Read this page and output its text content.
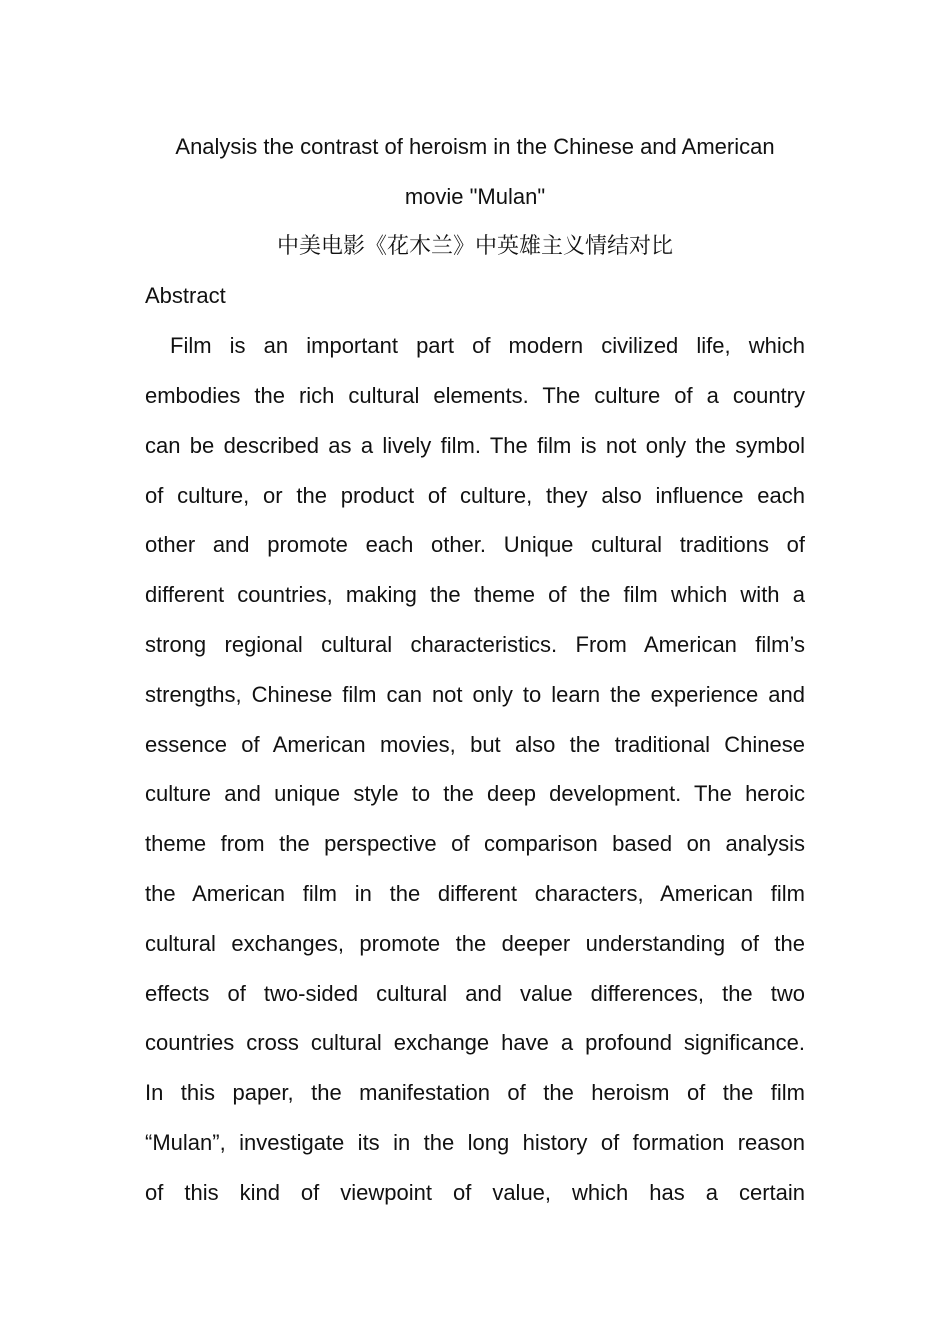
Analysis the contrast of heroism in the Chinese and American
movie "Mulan"
中美电影《花木兰》中英雄主义情结对比

Abstract

Film is an important part of modern civilized life, which
embodies the rich cultural elements. The culture of a country
can be described as a lively film. The film is not only the symbol
of culture, or the product of culture, they also influence each
other and promote each other. Unique cultural traditions of
different countries, making the theme of the film which with a
strong regional cultural characteristics. From American film’s
strengths, Chinese film can not only to learn the experience and
essence of American movies, but also the traditional Chinese
culture and unique style to the deep development. The heroic
theme from the perspective of comparison based on analysis
the American film in the different characters, American film
cultural exchanges, promote the deeper understanding of the
effects of two-sided cultural and value differences, the two
countries cross cultural exchange have a profound significance.
In this paper, the manifestation of the heroism of the film
“Mulan”, investigate its in the long history of formation reason
of this kind of viewpoint of value, which has a certain
